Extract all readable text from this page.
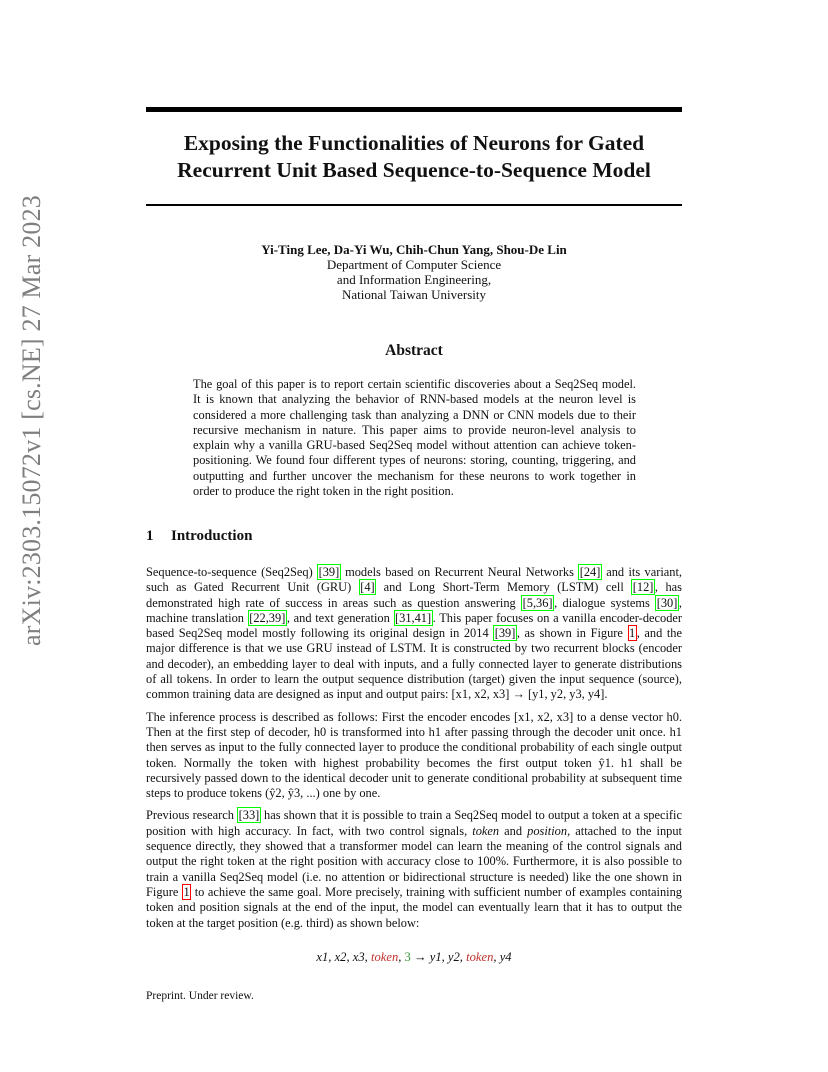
arXiv:2303.15072v1 [cs.NE] 27 Mar 2023
Exposing the Functionalities of Neurons for Gated
Recurrent Unit Based Sequence-to-Sequence Model
Yi-Ting Lee, Da-Yi Wu, Chih-Chun Yang, Shou-De Lin
Department of Computer Science
and Information Engineering,
National Taiwan University
Abstract
The goal of this paper is to report certain scientific discoveries about a Seq2Seq model. It is known that analyzing the behavior of RNN-based models at the neuron level is considered a more challenging task than analyzing a DNN or CNN models due to their recursive mechanism in nature. This paper aims to provide neuron-level analysis to explain why a vanilla GRU-based Seq2Seq model without attention can achieve token-positioning. We found four different types of neurons: storing, counting, triggering, and outputting and further uncover the mechanism for these neurons to work together in order to produce the right token in the right position.
1 Introduction

Sequence-to-sequence (Seq2Seq) [39] models based on Recurrent Neural Networks [24] and its variant, such as Gated Recurrent Unit (GRU) [4] and Long Short-Term Memory (LSTM) cell [12] , has demonstrated high rate of success in areas such as question answering [5,36] , dialogue systems [30] , machine translation [22,39] , and text generation [31,41] . This paper focuses on a vanilla encoder-decoder based Seq2Seq model mostly following its original design in 2014 [39] , as shown in Figure 1 , and the major difference is that we use GRU instead of LSTM. It is constructed by two recurrent blocks (encoder and decoder), an embedding layer to deal with inputs, and a fully connected layer to generate distributions of all tokens. In order to learn the output sequence distribution (target) given the input sequence (source), common training data are designed as input and output pairs: [x1, x2, x3] → [y1, y2, y3, y4].

The inference process is described as follows: First the encoder encodes [x1, x2, x3] to a dense vector h0. Then at the first step of decoder, h0 is transformed into h1 after passing through the decoder unit once. h1 then serves as input to the fully connected layer to produce the conditional probability of each single output token. Normally the token with highest probability becomes the first output token ŷ1. h1 shall be recursively passed down to the identical decoder unit to generate conditional probability at subsequent time steps to produce tokens (ŷ2, ŷ3, ...) one by one.

Previous research [33] has shown that it is possible to train a Seq2Seq model to output a token at a specific position with high accuracy. In fact, with two control signals, token and position, attached to the input sequence directly, they showed that a transformer model can learn the meaning of the control signals and output the right token at the right position with accuracy close to 100%. Furthermore, it is also possible to train a vanilla Seq2Seq model (i.e. no attention or bidirectional structure is needed) like the one shown in Figure 1 to achieve the same goal. More precisely, training with sufficient number of examples containing token and position signals at the end of the input, the model can eventually learn that it has to output the token at the target position (e.g. third) as shown below:

x1, x2, x3, token, 3 → y1, y2, token, y4
Preprint. Under review.
